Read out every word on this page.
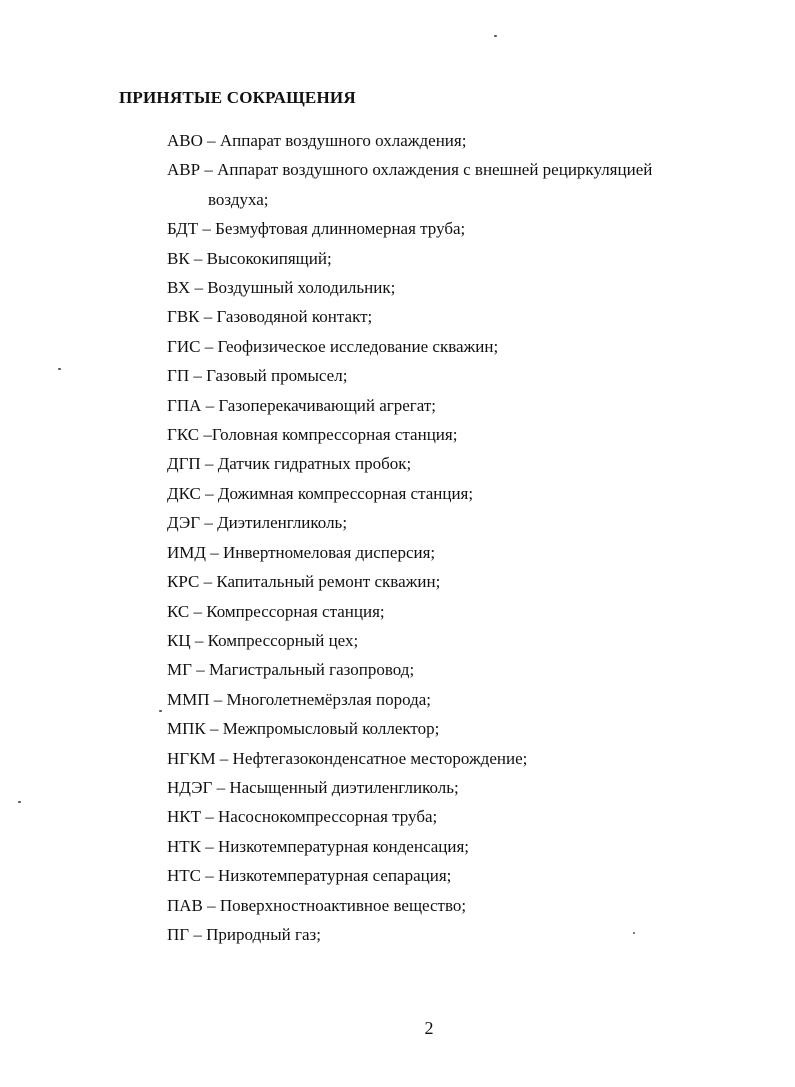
ПРИНЯТЫЕ СОКРАЩЕНИЯ
АВО – Аппарат воздушного охлаждения;
АВР – Аппарат воздушного охлаждения с внешней рециркуляцией
воздуха;
БДТ – Безмуфтовая длинномерная труба;
ВК – Высококипящий;
ВХ – Воздушный холодильник;
ГВК – Газоводяной контакт;
ГИС – Геофизическое исследование скважин;
ГП – Газовый промысел;
ГПА – Газоперекачивающий агрегат;
ГКС –Головная компрессорная станция;
ДГП – Датчик гидратных пробок;
ДКС – Дожимная компрессорная станция;
ДЭГ – Диэтиленгликоль;
ИМД – Инвертномеловая дисперсия;
КРС – Капитальный ремонт скважин;
КС – Компрессорная станция;
КЦ – Компрессорный цех;
МГ – Магистральный газопровод;
ММП – Многолетнемёрзлая порода;
МПК – Межпромысловый коллектор;
НГКМ – Нефтегазоконденсатное месторождение;
НДЭГ – Насыщенный диэтиленгликоль;
НКТ – Насоснокомпрессорная труба;
НТК – Низкотемпературная конденсация;
НТС – Низкотемпературная сепарация;
ПАВ – Поверхностноактивное вещество;
ПГ – Природный газ;
2
